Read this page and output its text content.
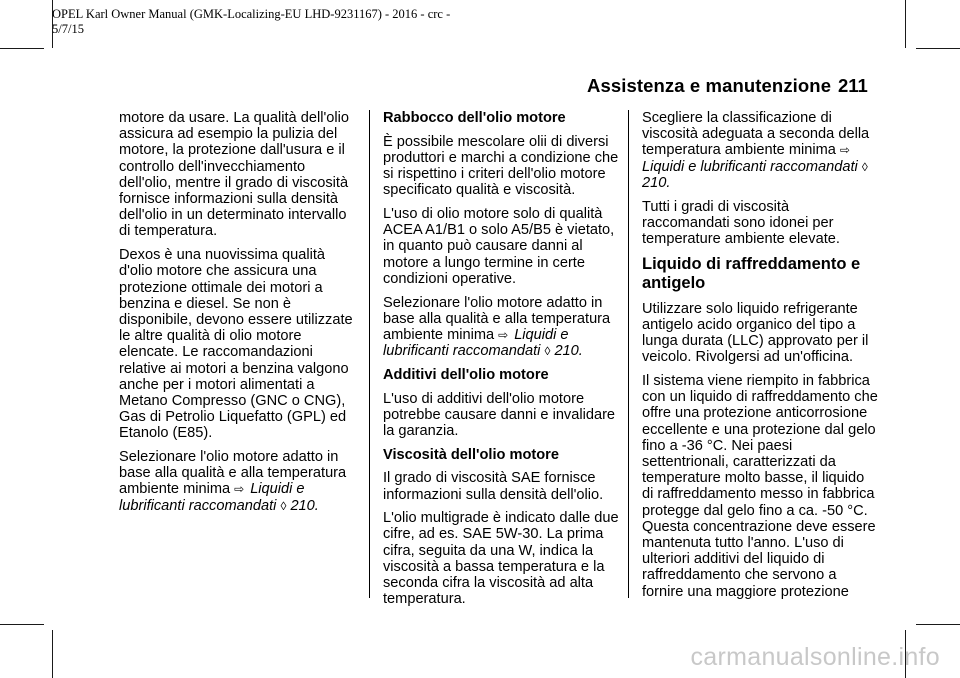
OPEL Karl Owner Manual (GMK-Localizing-EU LHD-9231167) - 2016 - crc -
5/7/15
Assistenza e manutenzione 211

motore da usare. La qualità dell'olio assicura ad esempio la pulizia del motore, la protezione dall'usura e il controllo dell'invecchiamento dell'olio, mentre il grado di viscosità fornisce informazioni sulla densità dell'olio in un determinato intervallo di temperatura.

Dexos è una nuovissima qualità d'olio motore che assicura una protezione ottimale dei motori a benzina e diesel. Se non è disponibile, devono essere utilizzate le altre qualità di olio motore elencate. Le raccomandazioni relative ai motori a benzina valgono anche per i motori alimentati a Metano Compresso (GNC o CNG), Gas di Petrolio Liquefatto (GPL) ed Etanolo (E85).

Selezionare l'olio motore adatto in base alla qualità e alla temperatura ambiente minima ⇨ Liquidi e lubrificanti raccomandati ◊ 210.

Rabbocco dell'olio motore

È possibile mescolare olii di diversi produttori e marchi a condizione che si rispettino i criteri dell'olio motore specificato qualità e viscosità.

L'uso di olio motore solo di qualità ACEA A1/B1 o solo A5/B5 è vietato, in quanto può causare danni al motore a lungo termine in certe condizioni operative.

Selezionare l'olio motore adatto in base alla qualità e alla temperatura ambiente minima ⇨ Liquidi e lubrificanti raccomandati ◊ 210.

Additivi dell'olio motore

L'uso di additivi dell'olio motore potrebbe causare danni e invalidare la garanzia.

Viscosità dell'olio motore

Il grado di viscosità SAE fornisce informazioni sulla densità dell'olio.

L'olio multigrade è indicato dalle due cifre, ad es. SAE 5W-30. La prima cifra, seguita da una W, indica la viscosità a bassa temperatura e la seconda cifra la viscosità ad alta temperatura.

Scegliere la classificazione di viscosità adeguata a seconda della temperatura ambiente minima ⇨
Liquidi e lubrificanti raccomandati ◊ 210.

Tutti i gradi di viscosità raccomandati sono idonei per temperature ambiente elevate.

Liquido di raffreddamento e antigelo

Utilizzare solo liquido refrigerante antigelo acido organico del tipo a lunga durata (LLC) approvato per il veicolo. Rivolgersi ad un'officina.

Il sistema viene riempito in fabbrica con un liquido di raffreddamento che offre una protezione anticorrosione eccellente e una protezione dal gelo fino a -36 °C. Nei paesi settentrionali, caratterizzati da temperature molto basse, il liquido di raffreddamento messo in fabbrica protegge dal gelo fino a ca. -50 °C. Questa concentrazione deve essere mantenuta tutto l'anno. L'uso di ulteriori additivi del liquido di raffreddamento che servono a fornire una maggiore protezione

carmanualsonline.info
